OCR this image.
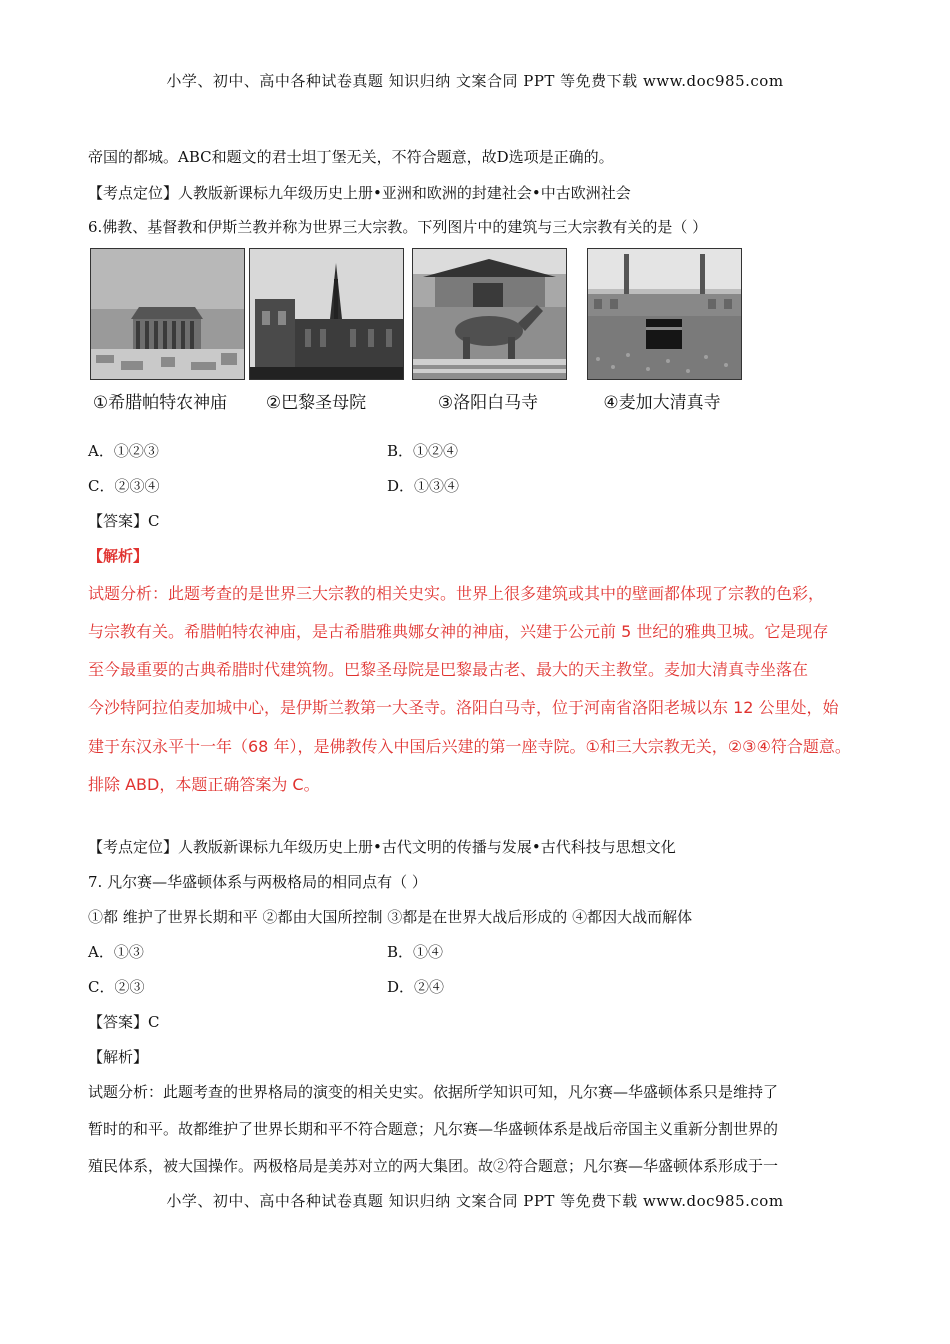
小学、初中、高中各种试卷真题 知识归纳 文案合同 PPT 等免费下载 www.doc985.com
帝国的都城。ABC和题文的君士坦丁堡无关，不符合题意，故D选项是正确的。
【考点定位】人教版新课标九年级历史上册•亚洲和欧洲的封建社会•中古欧洲社会
6.佛教、基督教和伊斯兰教并称为世界三大宗教。下列图片中的建筑与三大宗教有关的是（ ）
①希腊帕特农神庙	②巴黎圣母院	③洛阳白马寺	④麦加大清真寺
A．①②③	B．①②④
C．②③④	D．①③④
【答案】C
【解析】
试题分析：此题考查的是世界三大宗教的相关史实。世界上很多建筑或其中的壁画都体现了宗教的色彩，
与宗教有关。希腊帕特农神庙，是古希腊雅典娜女神的神庙，兴建于公元前 5 世纪的雅典卫城。它是现存
至今最重要的古典希腊时代建筑物。巴黎圣母院是巴黎最古老、最大的天主教堂。麦加大清真寺坐落在
今沙特阿拉伯麦加城中心，是伊斯兰教第一大圣寺。洛阳白马寺，位于河南省洛阳老城以东 12 公里处，始
建于东汉永平十一年（68 年），是佛教传入中国后兴建的第一座寺院。①和三大宗教无关，②③④符合题意。
排除 ABD，本题正确答案为 C。
【考点定位】人教版新课标九年级历史上册•古代文明的传播与发展•古代科技与思想文化
7. 凡尔赛—华盛顿体系与两极格局的相同点有（ ）
①都 维护了世界长期和平 ②都由大国所控制 ③都是在世界大战后形成的 ④都因大战而解体
A．①③	B．①④
C．②③	D．②④
【答案】C
【解析】
试题分析：此题考查的世界格局的演变的相关史实。依据所学知识可知，凡尔赛—华盛顿体系只是维持了
暂时的和平。故都维护了世界长期和平不符合题意；凡尔赛—华盛顿体系是战后帝国主义重新分割世界的
殖民体系，被大国操作。两极格局是美苏对立的两大集团。故②符合题意；凡尔赛—华盛顿体系形成于一
小学、初中、高中各种试卷真题 知识归纳 文案合同 PPT 等免费下载 www.doc985.com
